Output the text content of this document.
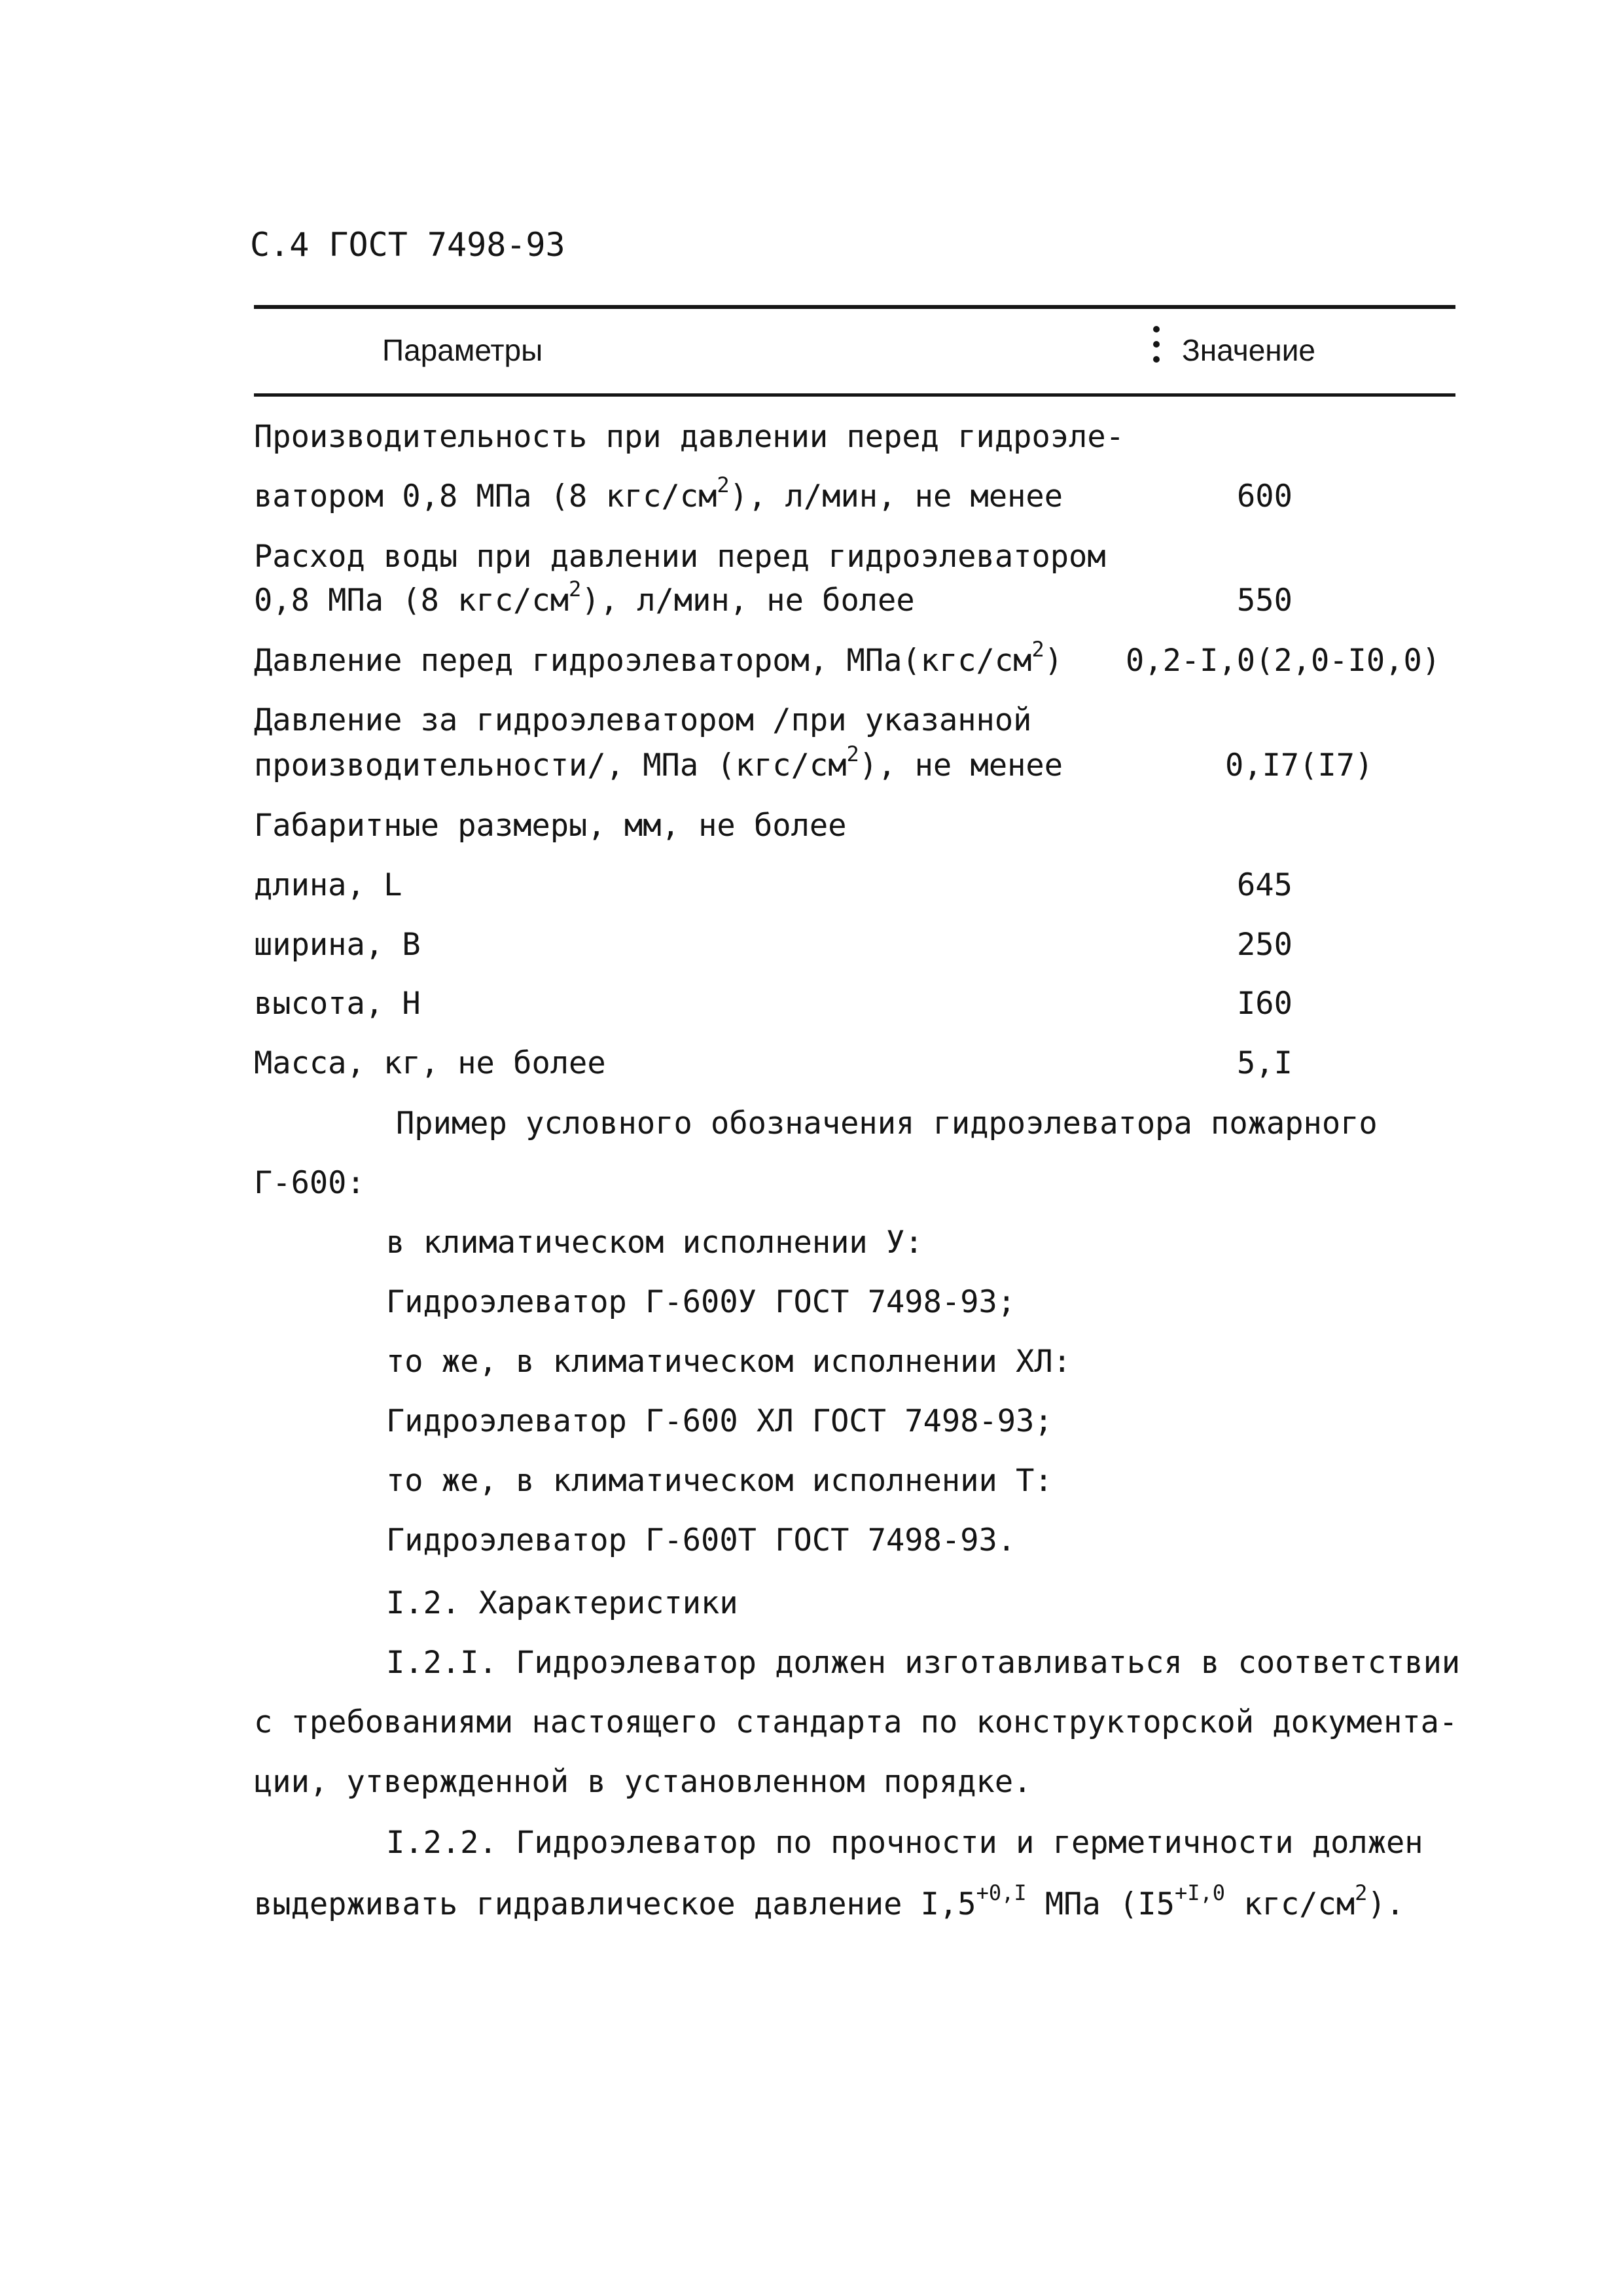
С.4 ГОСТ 7498-93
Параметры	Значение
Производительность при давлении перед гидроэле-
ватором 0,8 МПа (8 кгс/$см^2$), л/мин, не менее	600
Расход воды при давлении перед гидроэлеватором
0,8 МПа (8 кгс/$см^2$), л/мин, не более	550
Давление перед гидроэлеватором, $МПа(кгс/см^2)$ 0,2-I,0(2,0-I0,0)
Давление за гидроэлеватором /при указанной
производительности/, МПа $(кгс/см^2)$, не менее	0,I7(I7)
Габаритные размеры, мм, не более
длина, L	645
ширина, В	250
высота, Н	I60
Масса, кг, не более	5,I
Пример условного обозначения гидроэлеватора пожарного
Г-600:
в климатическом исполнении У:
Гидроэлеватор Г-600У ГОСТ 7498-93;
то же, в климатическом исполнении ХЛ:
Гидроэлеватор Г-600 ХЛ ГОСТ 7498-93;
то же, в климатическом исполнении Т:
Гидроэлеватор Г-600Т ГОСТ 7498-93.
I.2. Характеристики
I.2.I. Гидроэлеватор должен изготавливаться в соответствии
с требованиями настоящего стандарта по конструкторской документа-
ции, утвержденной в установленном порядке.
I.2.2. Гидроэлеватор по прочности и герметичности должен
выдерживать гидравлическое давление $I,5^{+0,I}$ МПа ($I5^{+I,0}$ кгс/$см^2$).
